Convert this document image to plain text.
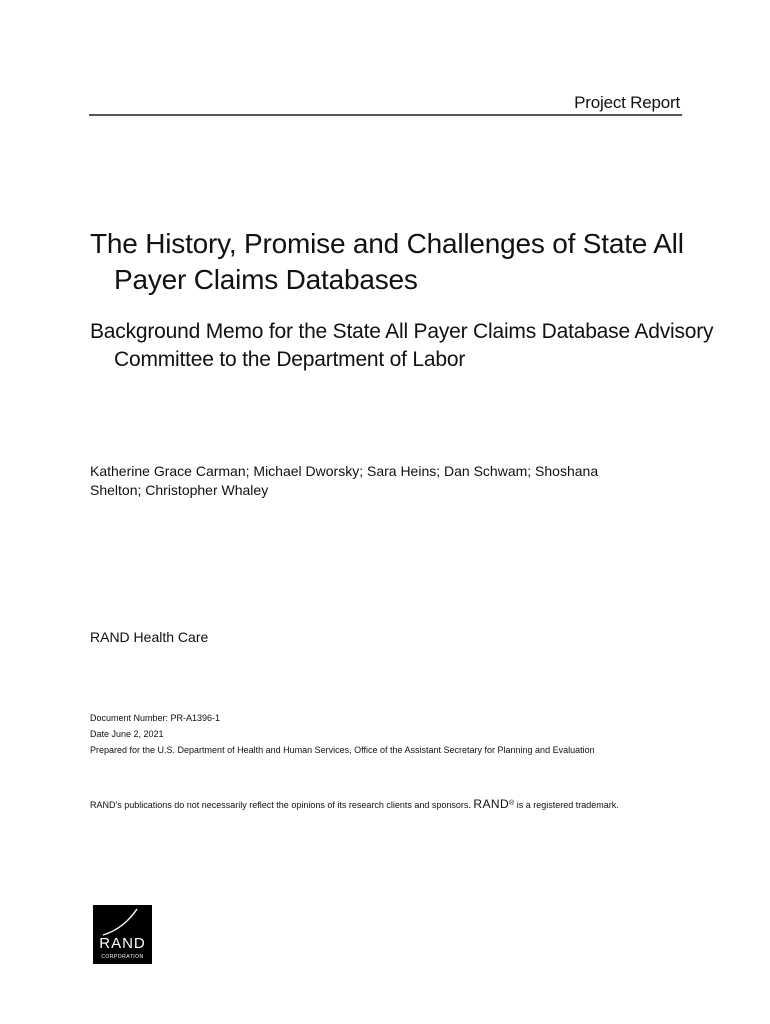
Project Report
The History, Promise and Challenges of State All Payer Claims Databases
Background Memo for the State All Payer Claims Database Advisory Committee to the Department of Labor

Katherine Grace Carman; Michael Dworsky; Sara Heins; Dan Schwam; Shoshana Shelton; Christopher Whaley

RAND Health Care

Document Number: PR-A1396-1
Date June 2, 2021
Prepared for the U.S. Department of Health and Human Services, Office of the Assistant Secretary for Planning and Evaluation
RAND's publications do not necessarily reflect the opinions of its research clients and sponsors. RAND® is a registered trademark.
RAND
CORPORATION
